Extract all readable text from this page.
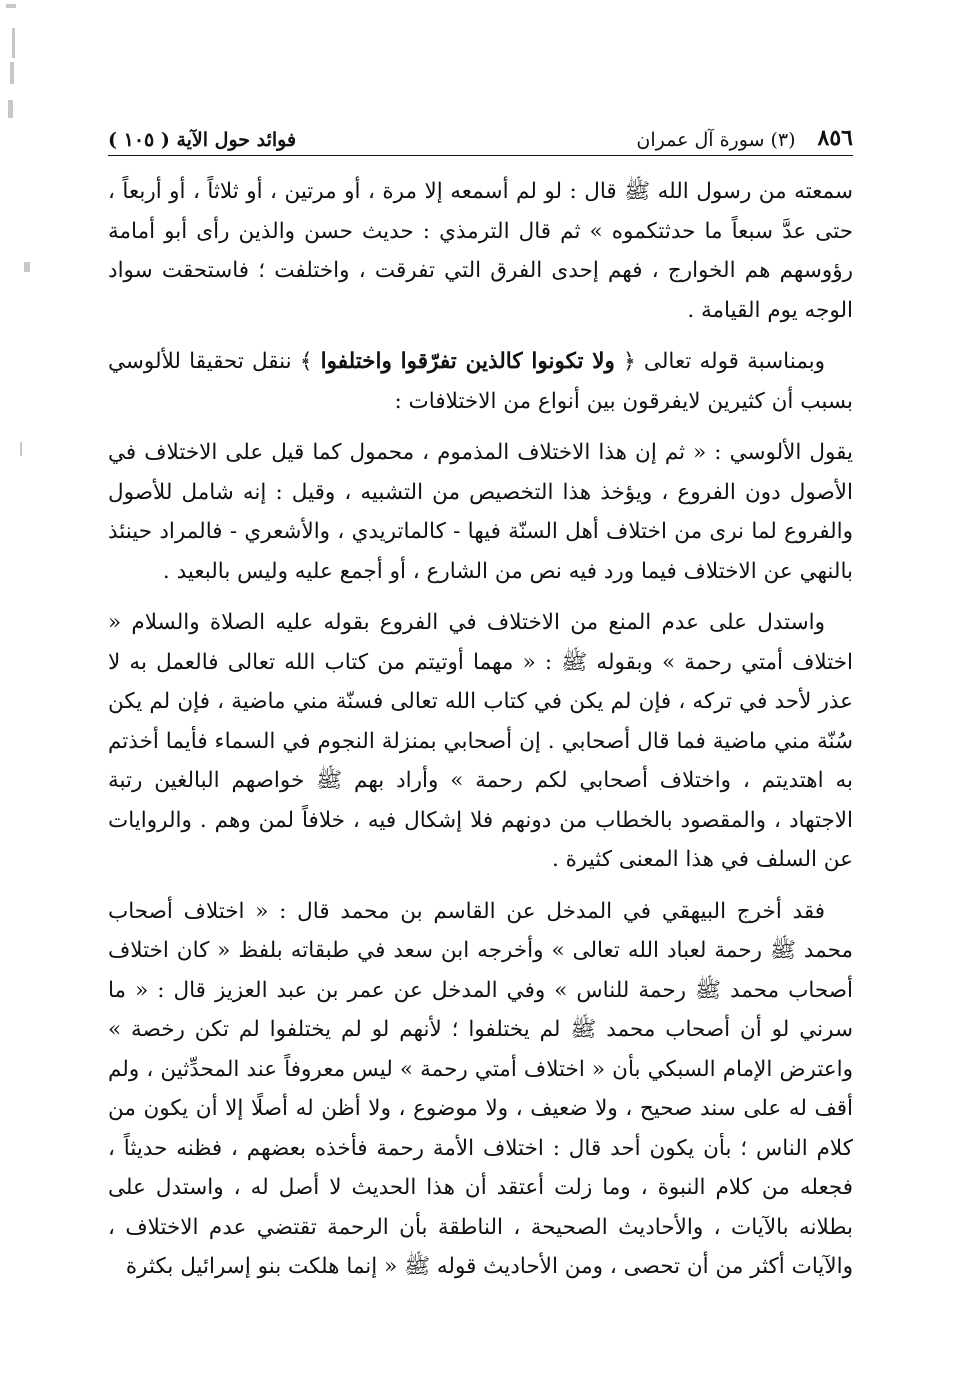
٨٥٦
(٣) سورة آل عمران
فوائد حول الآية ( ١٠٥ )

سمعته من رسول الله ﷺ قال : لو لم أسمعه إلا مرة ، أو مرتين ، أو ثلاثاً ، أو أربعاً ، حتى عدَّ سبعاً ما حدثتكموه » ثم قال الترمذي : حديث حسن والذين رأى أبو أمامة رؤوسهم هم الخوارج ، فهم إحدى الفرق التي تفرقت ، واختلفت ؛ فاستحقت سواد الوجه يوم القيامة .

وبمناسبة قوله تعالى ﴿ ولا تكونوا كالذين تفرّقوا واختلفوا ﴾ ننقل تحقيقا للألوسي بسبب أن كثيرين لايفرقون بين أنواع من الاختلافات :

يقول الألوسي : « ثم إن هذا الاختلاف المذموم ، محمول كما قيل على الاختلاف في الأصول دون الفروع ، ويؤخذ هذا التخصيص من التشبيه ، وقيل : إنه شامل للأصول والفروع لما نرى من اختلاف أهل السنّة فيها - كالماتريدي ، والأشعري - فالمراد حينئذ بالنهي عن الاختلاف فيما ورد فيه نص من الشارع ، أو أجمع عليه وليس بالبعيد .

واستدل على عدم المنع من الاختلاف في الفروع بقوله عليه الصلاة والسلام « اختلاف أمتي رحمة » وبقوله ﷺ : « مهما أوتيتم من كتاب الله تعالى فالعمل به لا عذر لأحد في تركه ، فإن لم يكن في كتاب الله تعالى فسنّة مني ماضية ، فإن لم يكن سُنّة مني ماضية فما قال أصحابي . إن أصحابي بمنزلة النجوم في السماء فأيما أخذتم به اهتديتم ، واختلاف أصحابي لكم رحمة » وأراد بهم ﷺ خواصهم البالغين رتبة الاجتهاد ، والمقصود بالخطاب من دونهم فلا إشكال فيه ، خلافاً لمن وهم . والروايات عن السلف في هذا المعنى كثيرة .

فقد أخرج البيهقي في المدخل عن القاسم بن محمد قال : « اختلاف أصحاب محمد ﷺ رحمة لعباد الله تعالى » وأخرجه ابن سعد في طبقاته بلفظ « كان اختلاف أصحاب محمد ﷺ رحمة للناس » وفي المدخل عن عمر بن عبد العزيز قال : « ما سرني لو أن أصحاب محمد ﷺ لم يختلفوا ؛ لأنهم لو لم يختلفوا لم تكن رخصة » واعترض الإمام السبكي بأن « اختلاف أمتي رحمة » ليس معروفاً عند المحدِّثين ، ولم أقف له على سند صحيح ، ولا ضعيف ، ولا موضوع ، ولا أظن له أصلًا إلا أن يكون من كلام الناس ؛ بأن يكون أحد قال : اختلاف الأمة رحمة فأخذه بعضهم ، فظنه حديثاً ، فجعله من كلام النبوة ، وما زلت أعتقد أن هذا الحديث لا أصل له ، واستدل على بطلانه بالآيات ، والأحاديث الصحيحة ، الناطقة بأن الرحمة تقتضي عدم الاختلاف ، والآيات أكثر من أن تحصى ، ومن الأحاديث قوله ﷺ « إنما هلكت بنو إسرائيل بكثرة
